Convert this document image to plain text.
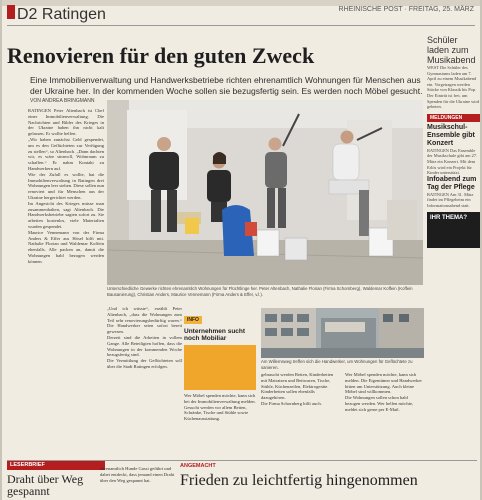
D2 Ratingen	RHEINISCHE POST · FREITAG, 25. MÄRZ
Renovieren für den guten Zweck
Eine Immobilienverwaltung und Handwerksbetriebe richten ehrenamtlich Wohnungen für Menschen aus der Ukraine her. In der kommenden Woche sollen sie bezugsfertig sein. Es werden noch Möbel gesucht.
VON ANDREA BRINGMANN

RATINGEN Peter Altenbach ist Chef einer Immobilienverwaltung. Die Nachrichten und Bilder des Krieges in der Ukraine haben ihn nicht kalt gelassen. Er wollte helfen.

„Wir haben zunächst Geld gespendet, um es den Geflüchteten zur Verfügung zu stellen“, so Altenbach. „Dann dachten wir, es wäre sinnvoll, Wohnraum zu schaffen.“ Er nahm Kontakt zu Handwerkern auf.

Wie der Zufall es wollte, hat die Immobilienverwaltung in Ratingen drei Wohnungen leer stehen. Diese sollen nun renoviert und für Menschen aus der Ukraine hergerichtet werden.

Im Angesicht des Krieges müsse man zusammenhalten, sagt Altenbach. Die Handwerksbetriebe sagten sofort zu. Sie arbeiten kostenlos, viele Materialien wurden gespendet.

Maurice Vennemann von der Firma Anders & Effer aus Hösel hilft mit. Nathalie Florian und Waldemar Koffein ebenfalls. Alle packen an, damit die Wohnungen bald bezogen werden können.

Unterschiedliche Gewerke richten ehrenamtlich Wohnungen für Flüchtlinge her. Peter Altenbach, Nathalie Florian (Firma Schornberg), Waldemar Koffein (Koffein Bausanierung), Christian Anders, Maurice Vennemann (Firma Anders & Effer, v.l.).

„Und ich wüsste“, erzählt Peter Altenbach, „dass die Wohnungen zum Teil sehr renovierungsbedürftig waren.“ Die Handwerker seien sofort bereit gewesen.

Derzeit sind die Arbeiten in vollem Gange. Alle Beteiligten hoffen, dass die Wohnungen in der kommenden Woche bezugsfertig sind.

Die Vermittlung der Geflüchteten soll über die Stadt Ratingen erfolgen.

INFO
Unternehmen sucht noch Mobiliar
Wer Möbel spenden möchte, kann sich bei der Immobilienverwaltung melden. Gesucht werden vor allem Betten, Schränke, Tische und Stühle sowie Küchenausstattung.
Am Willemsweg treffen sich die Handwerker, um Wohnungen für Geflüchtete zu sanieren.

gebraucht werden Betten, Kinderbetten mit Matratzen und Bettwaren, Tische, Stühle, Küchenzeilen, Elektrogeräte. Kinderbetten sollen ebenfalls dazugehören.

Die Firma Schornberg hilft auch.

Wer Möbel spenden möchte, kann sich melden. Die Eigentümer und Handwerker bitten um Unterstützung. Auch kleine Möbel sind willkommen.

Die Wohnungen sollen schon bald bezogen werden. Wer helfen möchte, meldet sich gerne per E-Mail.

Schüler laden zum Musikabend
WEST Die Schüler des Gymnasiums laden am 7. April zu einem Musikabend ein. Vorgetragen werden Stücke von Klassik bis Pop. Der Eintritt ist frei, um Spenden für die Ukraine wird gebeten.
MELDUNGEN
Musikschul-Ensemble gibt Konzert
RATINGEN Das Ensemble der Musikschule gibt am 27. März ein Konzert. Mit dem Erlös wird ein Projekt für Kinder unterstützt.
Infoabend zum Tag der Pflege
RATINGEN Am 31. März findet im Pflegeheim ein Informationsabend statt.
IHR THEMA?
LESERBRIEF
Draht über Weg gespannt
ehrenamtlich Hunde Gassi geführt und dabei entdeckt, dass jemand einen Draht über den Weg gespannt hat.
ANGEMACHT
Frieden zu leichtfertig hingenommen
